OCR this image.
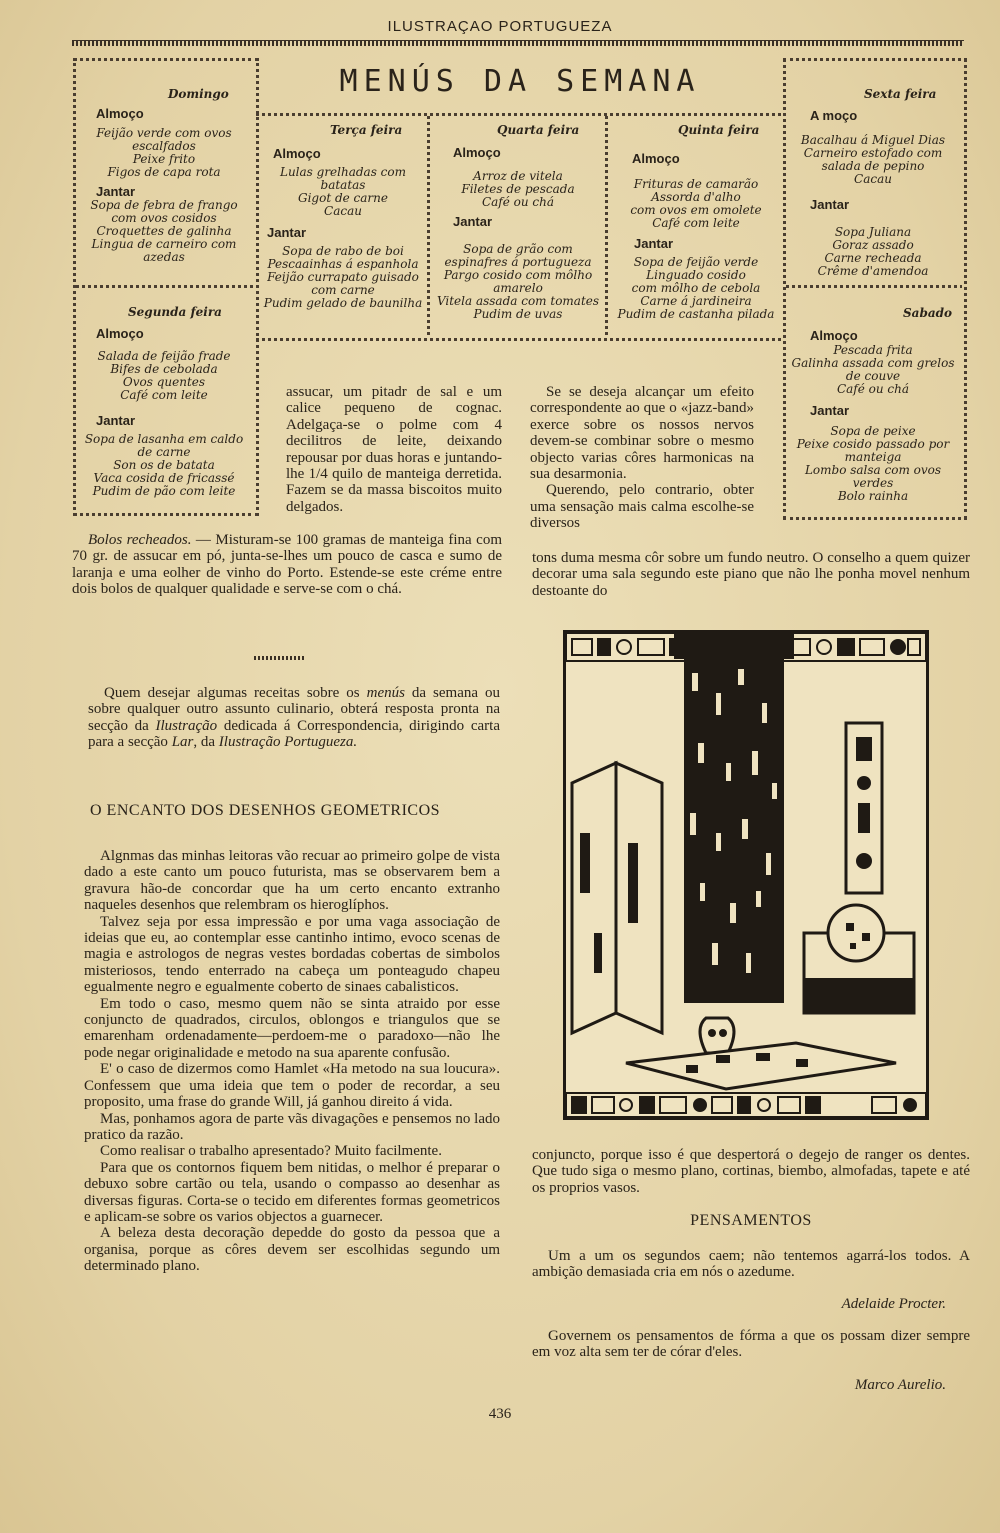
ILUSTRAÇAO PORTUGUEZA
MENÚS DA SEMANA
Domingo
Almoço
Feijão verde com ovos escalfados
Peixe frito
Figos de capa rota
Jantar
Sopa de febra de frango com ovos cosidos
Croquettes de galinha
Lingua de carneiro com azedas
Segunda feira
Almoço
Salada de feijão frade
Bifes de cebolada
Ovos quentes
Café com leite
Jantar
Sopa de lasanha em caldo de carne
Son os de batata
Vaca cosida de fricassé
Pudim de pão com leite
Terça feira
Almoço
Lulas grelhadas com batatas
Gigot de carne
Cacau
Jantar
Sopa de rabo de boi
Pescaainhas á espanhola
Feijão currapato guisado com carne
Pudim gelado de baunilha
Quarta feira
Almoço
Arroz de vitela
Filetes de pescada
Café ou chá
Jantar
Sopa de grão com espinafres á portugueza
Pargo cosido com môlho amarelo
Vitela assada com tomates
Pudim de uvas
Quinta feira
Almoço
Frituras de camarão
Assorda d'alho
com ovos em omolete
Café com leite
Jantar
Sopa de feijão verde
Linguado cosido
com môlho de cebola
Carne á jardineira
Pudim de castanha pilada
Sexta feira
A moço
Bacalhau á Miguel Dias
Carneiro estofado com salada de pepino
Cacau
Jantar
Sopa Juliana
Goraz assado
Carne recheada
Crême d'amendoa
Sabado
Almoço
Pescada frita
Galinha assada com grelos de couve
Café ou chá
Jantar
Sopa de peixe
Peixe cosido passado por manteiga
Lombo salsa com ovos verdes
Bolo rainha
assucar, um pitadr de sal e um calice pequeno de cognac. Adelgaça-se o polme com 4 decilitros de leite, deixando repousar por duas horas e juntando-lhe 1/4 quilo de manteiga derretida. Fazem se da massa biscoitos muito delgados.

Bolos recheados. — Misturam-se 100 gramas de manteiga fina com 70 gr. de assucar em pó, junta-se-lhes um pouco de casca e sumo de laranja e uma eolher de vinho do Porto. Estende-se este créme entre dois bolos de qualquer qualidade e serve-se com o chá.

Quem desejar algumas receitas sobre os menús da semana ou sobre qualquer outro assunto culinario, obterá resposta pronta na secção da Ilustração dedicada á Correspondencia, dirigindo carta para a secção Lar, da Ilustração Portugueza.

O ENCANTO DOS DESENHOS GEOMETRICOS

Algnmas das minhas leitoras vão recuar ao primeiro golpe de vista dado a este canto um pouco futurista, mas se observarem bem a gravura hão-de concordar que ha um certo encanto extranho naqueles desenhos que relembram os hieroglíphos.

Talvez seja por essa impressão e por uma vaga associação de ideias que eu, ao contemplar esse cantinho intimo, evoco scenas de magia e astrologos de negras vestes bordadas cobertas de simbolos misteriosos, tendo enterrado na cabeça um ponteagudo chapeu egualmente negro e egualmente coberto de sinaes cabalisticos.

Em todo o caso, mesmo quem não se sinta atraido por esse conjuncto de quadrados, circulos, oblongos e triangulos que se emarenham ordenadamente—perdoem-me o paradoxo—não lhe pode negar originalidade e metodo na sua aparente confusão.

E' o caso de dizermos como Hamlet «Ha metodo na sua loucura». Confessem que uma ideia que tem o poder de recordar, a seu proposito, uma frase do grande Will, já ganhou direito á vida.

Mas, ponhamos agora de parte vãs divagações e pensemos no lado pratico da razão.

Como realisar o trabalho apresentado? Muito facilmente.

Para que os contornos fiquem bem nitidas, o melhor é preparar o debuxo sobre cartão ou tela, usando o compasso ao desenhar as diversas figuras. Corta-se o tecido em diferentes formas geometricos e aplicam-se sobre os varios objectos a guarnecer.

A beleza desta decoração depedde do gosto da pessoa que a organisa, porque as côres devem ser escolhidas segundo um determinado plano.

Se se deseja alcançar um efeito correspondente ao que o «jazz-band» exerce sobre os nossos nervos devem-se combinar sobre o mesmo objecto varias côres harmonicas na sua desarmonia.

Querendo, pelo contrario, obter uma sensação mais calma escolhe-se diversos

tons duma mesma côr sobre um fundo neutro. O conselho a quem quizer decorar uma sala segundo este piano que não lhe ponha movel nenhum destoante do
conjuncto, porque isso é que despertorá o degejo de ranger os dentes. Que tudo siga o mesmo plano, cortinas, biembo, almofadas, tapete e até os proprios vasos.
PENSAMENTOS

Um a um os segundos caem; não tentemos agarrá-los todos. A ambição demasiada cria em nós o azedume.

Adelaide Procter.

Governem os pensamentos de fórma a que os possam dizer sempre em voz alta sem ter de córar d'eles.

Marco Aurelio.
436
